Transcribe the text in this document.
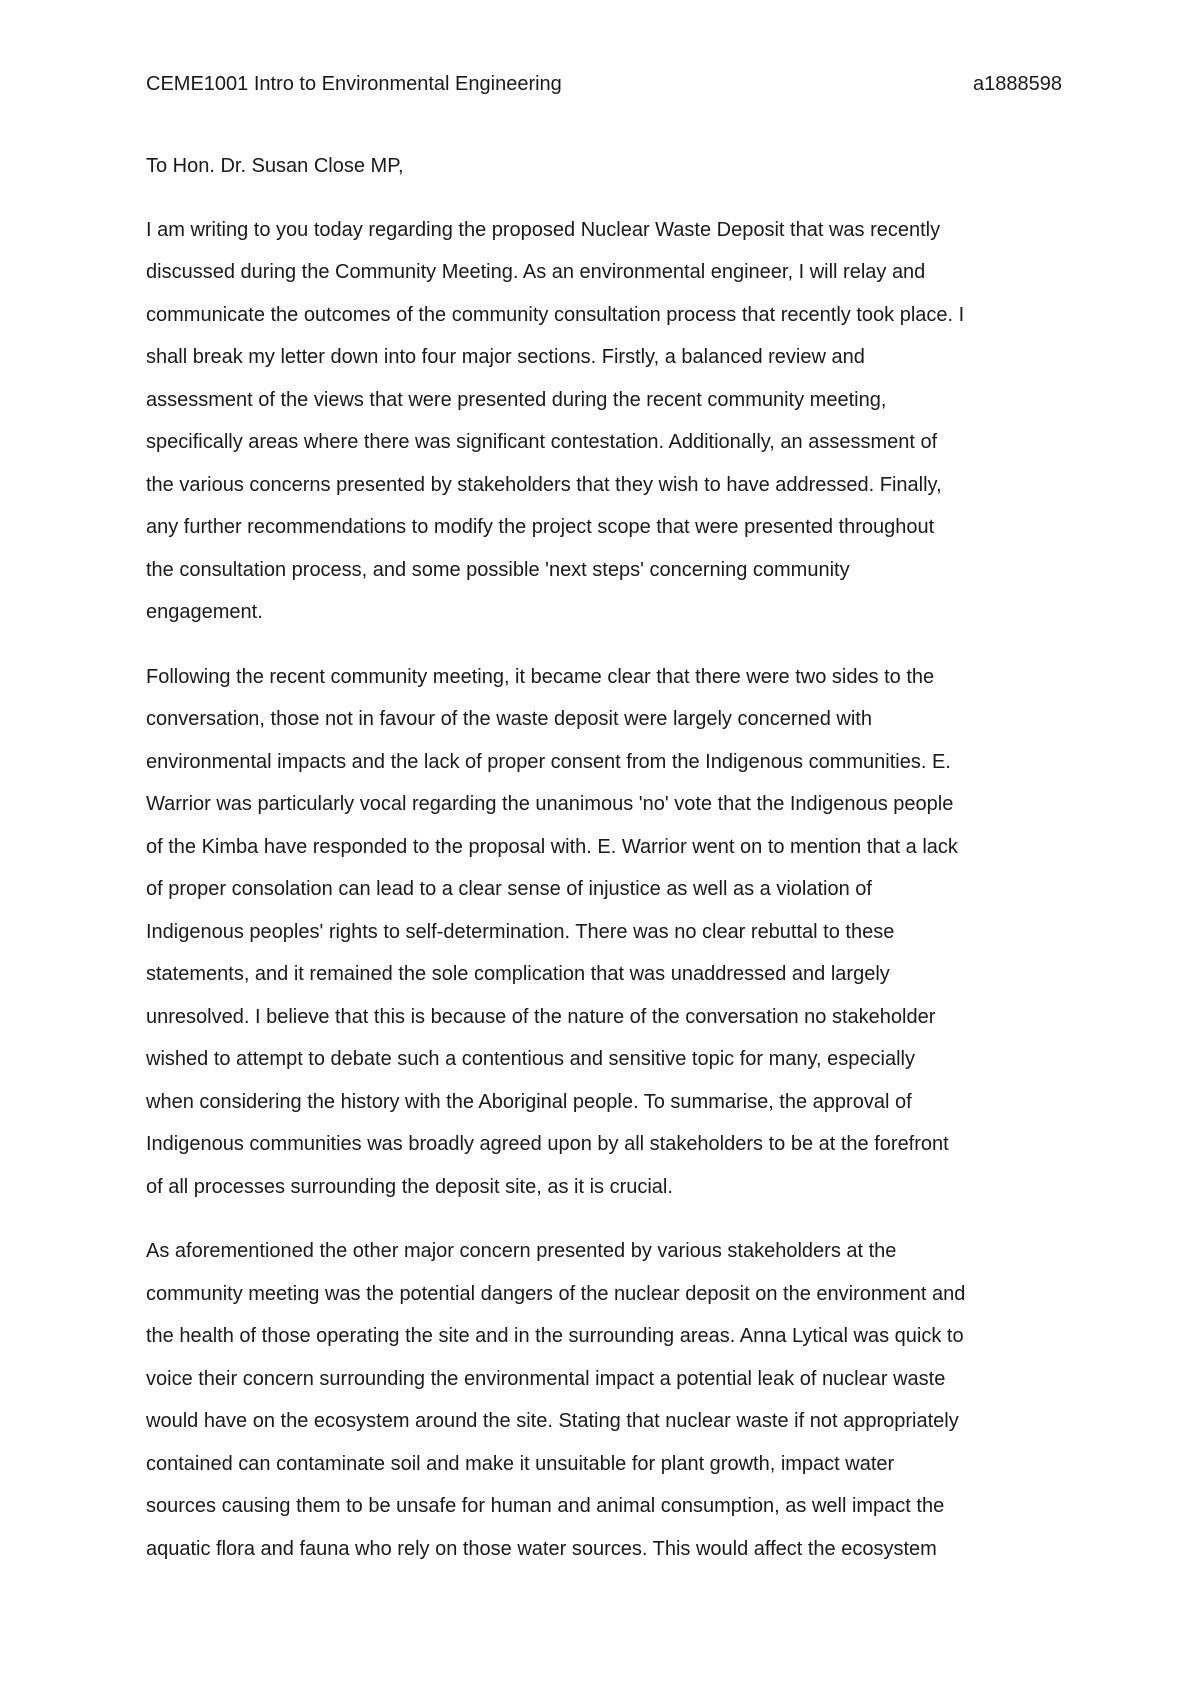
CEME1001 Intro to Environmental Engineering	a1888598
To Hon. Dr. Susan Close MP,
I am writing to you today regarding the proposed Nuclear Waste Deposit that was recently
discussed during the Community Meeting. As an environmental engineer, I will relay and
communicate the outcomes of the community consultation process that recently took place. I
shall break my letter down into four major sections. Firstly, a balanced review and
assessment of the views that were presented during the recent community meeting,
specifically areas where there was significant contestation. Additionally, an assessment of
the various concerns presented by stakeholders that they wish to have addressed. Finally,
any further recommendations to modify the project scope that were presented throughout
the consultation process, and some possible 'next steps' concerning community
engagement.
Following the recent community meeting, it became clear that there were two sides to the
conversation, those not in favour of the waste deposit were largely concerned with
environmental impacts and the lack of proper consent from the Indigenous communities. E.
Warrior was particularly vocal regarding the unanimous 'no' vote that the Indigenous people
of the Kimba have responded to the proposal with. E. Warrior went on to mention that a lack
of proper consolation can lead to a clear sense of injustice as well as a violation of
Indigenous peoples' rights to self-determination. There was no clear rebuttal to these
statements, and it remained the sole complication that was unaddressed and largely
unresolved. I believe that this is because of the nature of the conversation no stakeholder
wished to attempt to debate such a contentious and sensitive topic for many, especially
when considering the history with the Aboriginal people. To summarise, the approval of
Indigenous communities was broadly agreed upon by all stakeholders to be at the forefront
of all processes surrounding the deposit site, as it is crucial.
As aforementioned the other major concern presented by various stakeholders at the
community meeting was the potential dangers of the nuclear deposit on the environment and
the health of those operating the site and in the surrounding areas. Anna Lytical was quick to
voice their concern surrounding the environmental impact a potential leak of nuclear waste
would have on the ecosystem around the site. Stating that nuclear waste if not appropriately
contained can contaminate soil and make it unsuitable for plant growth, impact water
sources causing them to be unsafe for human and animal consumption, as well impact the
aquatic flora and fauna who rely on those water sources. This would affect the ecosystem
